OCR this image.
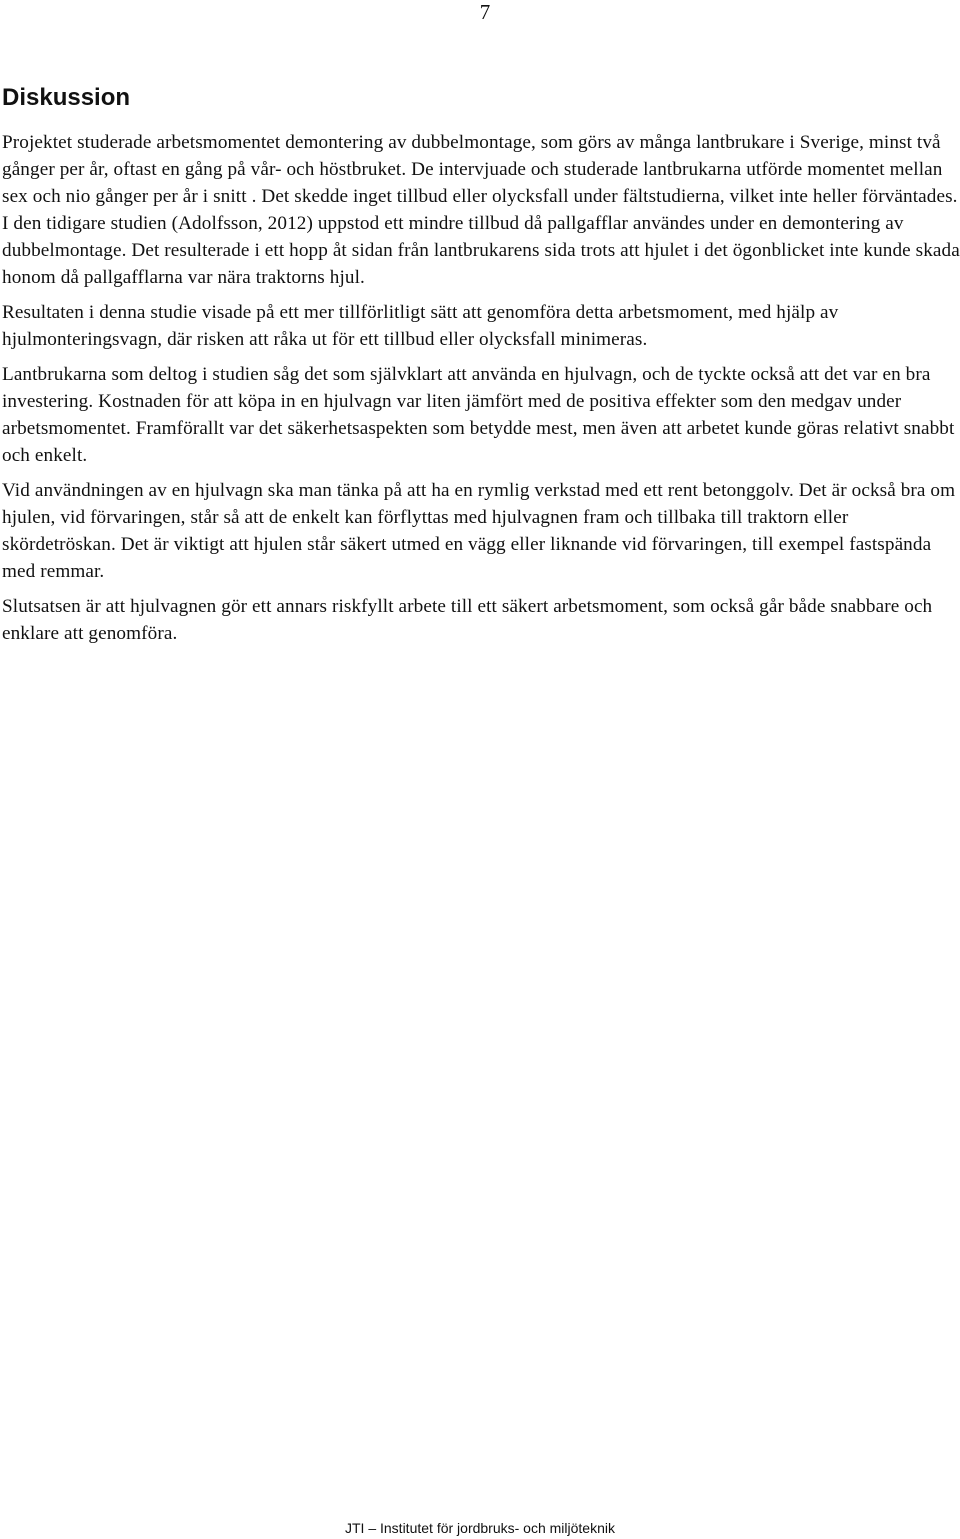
7
Diskussion

Projektet studerade arbetsmomentet demontering av dubbelmontage, som görs av många lantbrukare i Sverige, minst två gånger per år, oftast en gång på vår- och höstbruket. De intervjuade och studerade lantbrukarna utförde momentet mellan sex och nio gånger per år i snitt . Det skedde inget tillbud eller olycksfall under fältstudierna, vilket inte heller förväntades. I den tidigare studien (Adolfsson, 2012) uppstod ett mindre tillbud då pallgafflar användes under en demontering av dubbelmontage. Det resulterade i ett hopp åt sidan från lantbrukarens sida trots att hjulet i det ögonblicket inte kunde skada honom då pallgafflarna var nära traktorns hjul.

Resultaten i denna studie visade på ett mer tillförlitligt sätt att genomföra detta arbetsmoment, med hjälp av hjulmonteringsvagn, där risken att råka ut för ett tillbud eller olycksfall minimeras.

Lantbrukarna som deltog i studien såg det som självklart att använda en hjulvagn, och de tyckte också att det var en bra investering. Kostnaden för att köpa in en hjulvagn var liten jämfört med de positiva effekter som den medgav under arbetsmomentet. Framförallt var det säkerhetsaspekten som betydde mest, men även att arbetet kunde göras relativt snabbt och enkelt.

Vid användningen av en hjulvagn ska man tänka på att ha en rymlig verkstad med ett rent betonggolv. Det är också bra om hjulen, vid förvaringen, står så att de enkelt kan förflyttas med hjulvagnen fram och tillbaka till traktorn eller skördetröskan. Det är viktigt att hjulen står säkert utmed en vägg eller liknande vid förvaringen, till exempel fastspända med remmar.

Slutsatsen är att hjulvagnen gör ett annars riskfyllt arbete till ett säkert arbetsmoment, som också går både snabbare och enklare att genomföra.

JTI – Institutet för jordbruks- och miljöteknik
